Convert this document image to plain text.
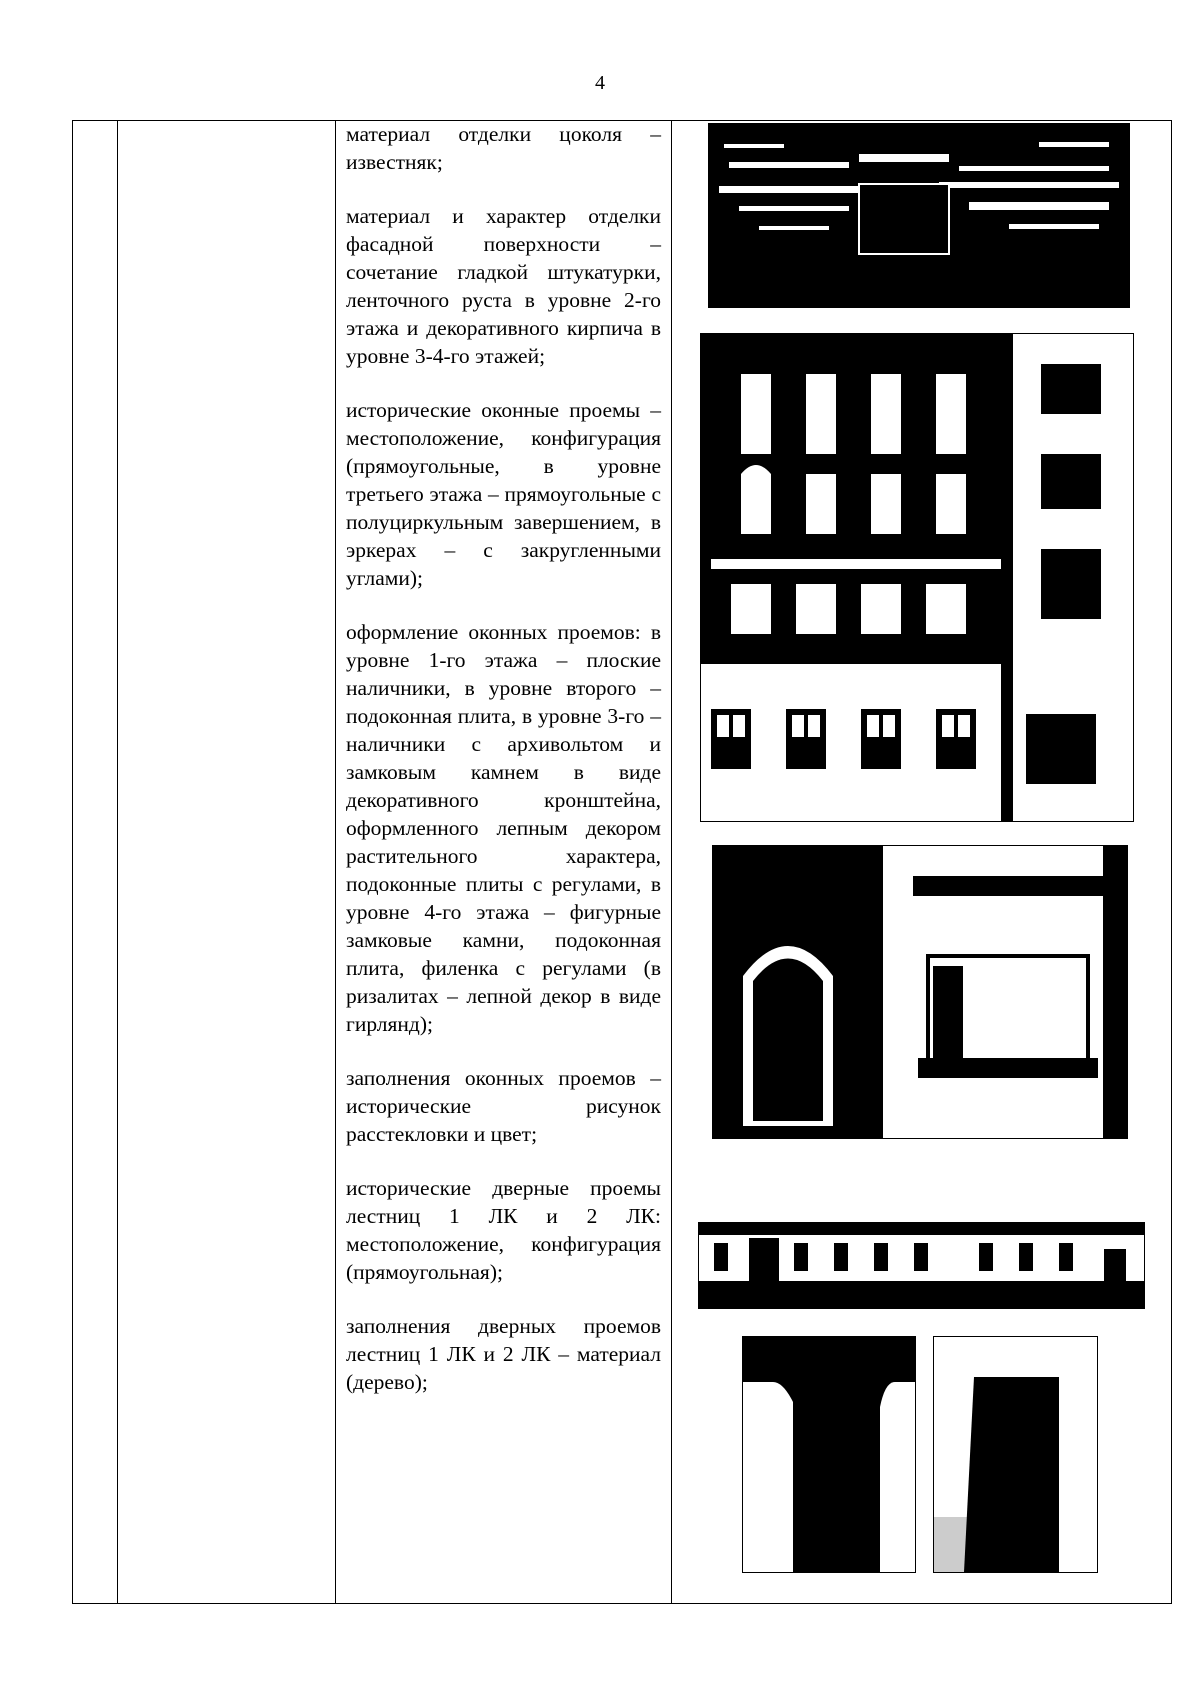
4

материал отделки цоколя – известняк;

материал и характер отделки фасадной поверхности – сочетание гладкой штукатурки, ленточного руста в уровне 2-го этажа и декоративного кирпича в уровне 3-4-го этажей;

исторические оконные проемы – местоположение, конфигурация (прямоугольные, в уровне третьего этажа – прямоугольные с полуциркульным завершением, в эркерах – с закругленными углами);

оформление оконных проемов: в уровне 1-го этажа – плоские наличники, в уровне второго – подоконная плита, в уровне 3-го – наличники с архивольтом и замковым камнем в виде декоративного кронштейна, оформленного лепным декором растительного характера, подоконные плиты с регулами, в уровне 4-го этажа – фигурные замковые камни, подоконная плита, филенка с регулами (в ризалитах – лепной декор в виде гирлянд);

заполнения оконных проемов – исторические рисунок расстекловки и цвет;

исторические дверные проемы лестниц 1 ЛК и 2 ЛК: местоположение, конфигурация (прямоугольная);

заполнения дверных проемов лестниц 1 ЛК и 2 ЛК – материал (дерево);
